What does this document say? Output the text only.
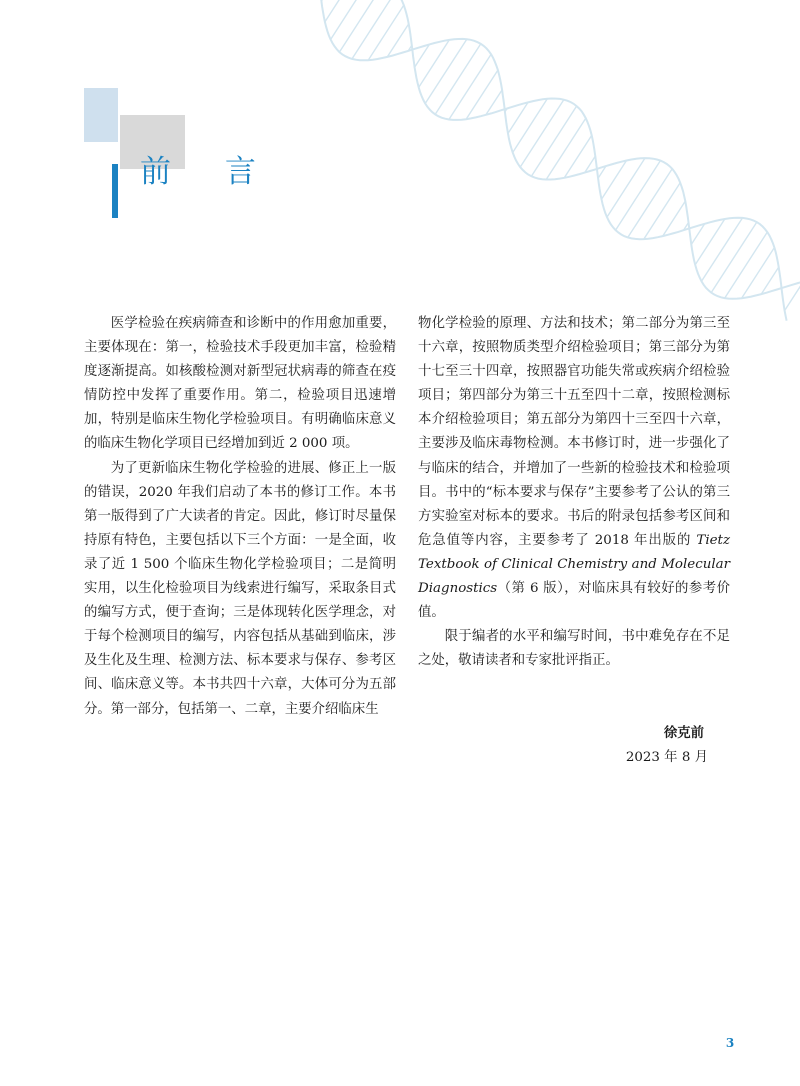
前 言

医学检验在疾病筛查和诊断中的作用愈加重要，主要体现在：第一，检验技术手段更加丰富，检验精度逐渐提高。如核酸检测对新型冠状病毒的筛查在疫情防控中发挥了重要作用。第二，检验项目迅速增加，特别是临床生物化学检验项目。有明确临床意义的临床生物化学项目已经增加到近 2 000 项。

为了更新临床生物化学检验的进展、修正上一版的错误，2020 年我们启动了本书的修订工作。本书第一版得到了广大读者的肯定。因此，修订时尽量保持原有特色，主要包括以下三个方面：一是全面，收录了近 1 500 个临床生物化学检验项目；二是简明实用，以生化检验项目为线索进行编写，采取条目式的编写方式，便于查询；三是体现转化医学理念，对于每个检测项目的编写，内容包括从基础到临床，涉及生化及生理、检测方法、标本要求与保存、参考区间、临床意义等。本书共四十六章，大体可分为五部分。第一部分，包括第一、二章，主要介绍临床生

物化学检验的原理、方法和技术；第二部分为第三至十六章，按照物质类型介绍检验项目；第三部分为第十七至三十四章，按照器官功能失常或疾病介绍检验项目；第四部分为第三十五至四十二章，按照检测标本介绍检验项目；第五部分为第四十三至四十六章，主要涉及临床毒物检测。本书修订时，进一步强化了与临床的结合，并增加了一些新的检验技术和检验项目。书中的“标本要求与保存”主要参考了公认的第三方实验室对标本的要求。书后的附录包括参考区间和危急值等内容，主要参考了 2018 年出版的 Tietz Textbook of Clinical Chemistry and Molecular Diagnostics（第 6 版），对临床具有较好的参考价值。

限于编者的水平和编写时间，书中难免存在不足之处，敬请读者和专家批评指正。

徐克前

2023 年 8 月

3
